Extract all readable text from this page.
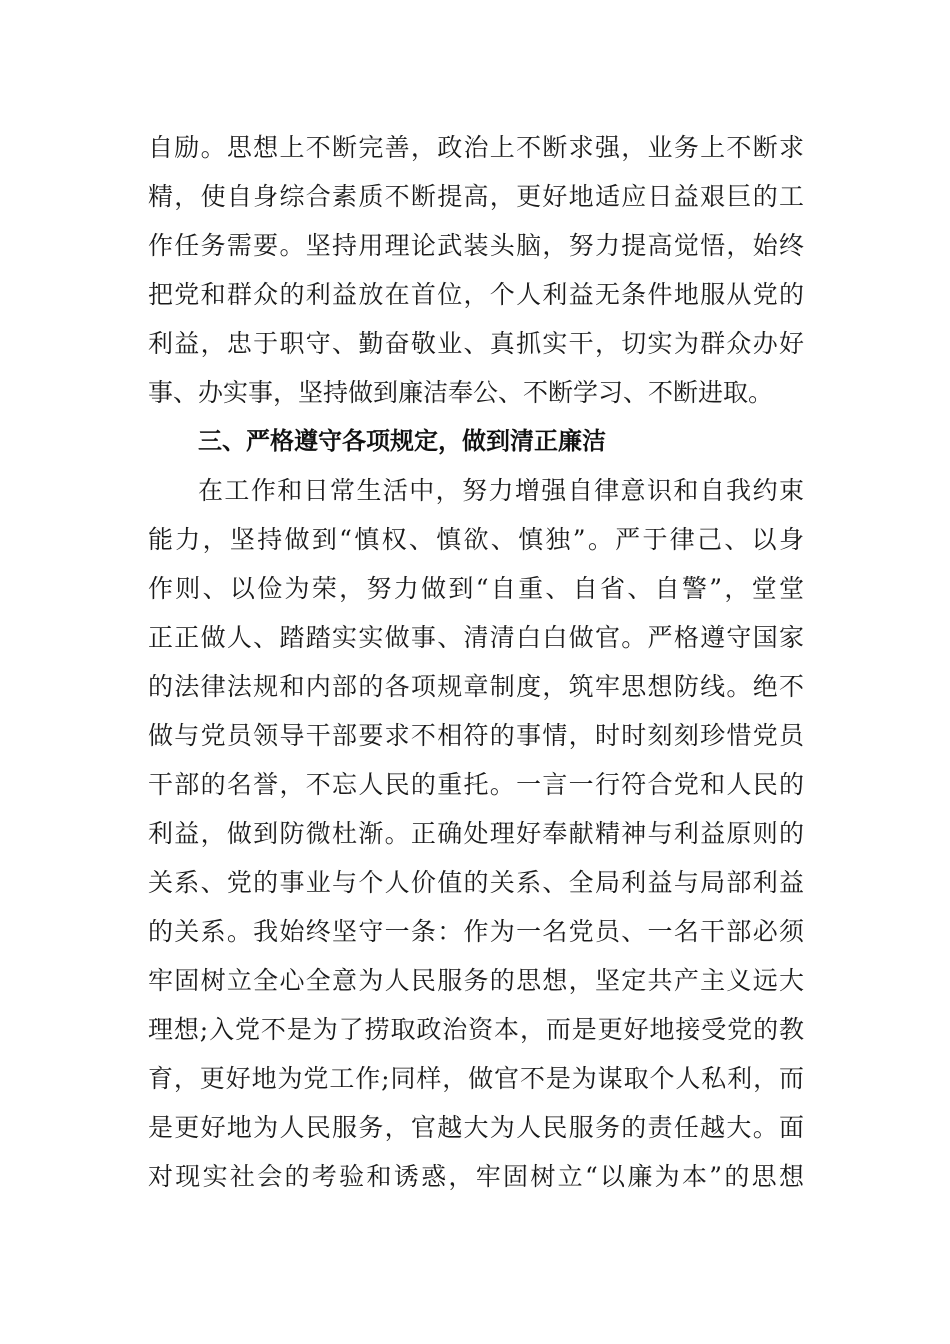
自励。思想上不断完善，政治上不断求强，业务上不断求
精，使自身综合素质不断提高，更好地适应日益艰巨的工
作任务需要。坚持用理论武装头脑，努力提高觉悟，始终
把党和群众的利益放在首位，个人利益无条件地服从党的
利益，忠于职守、勤奋敬业、真抓实干，切实为群众办好
事、办实事，坚持做到廉洁奉公、不断学习、不断进取。
三、严格遵守各项规定，做到清正廉洁
在工作和日常生活中，努力增强自律意识和自我约束
能力，坚持做到“慎权、慎欲、慎独”。严于律己、以身
作则、以俭为荣，努力做到“自重、自省、自警”，堂堂
正正做人、踏踏实实做事、清清白白做官。严格遵守国家
的法律法规和内部的各项规章制度，筑牢思想防线。绝不
做与党员领导干部要求不相符的事情，时时刻刻珍惜党员
干部的名誉，不忘人民的重托。一言一行符合党和人民的
利益，做到防微杜渐。正确处理好奉献精神与利益原则的
关系、党的事业与个人价值的关系、全局利益与局部利益
的关系。我始终坚守一条：作为一名党员、一名干部必须
牢固树立全心全意为人民服务的思想，坚定共产主义远大
理想;入党不是为了捞取政治资本，而是更好地接受党的教
育，更好地为党工作;同样，做官不是为谋取个人私利，而
是更好地为人民服务，官越大为人民服务的责任越大。面
对现实社会的考验和诱惑，牢固树立“以廉为本”的思想
